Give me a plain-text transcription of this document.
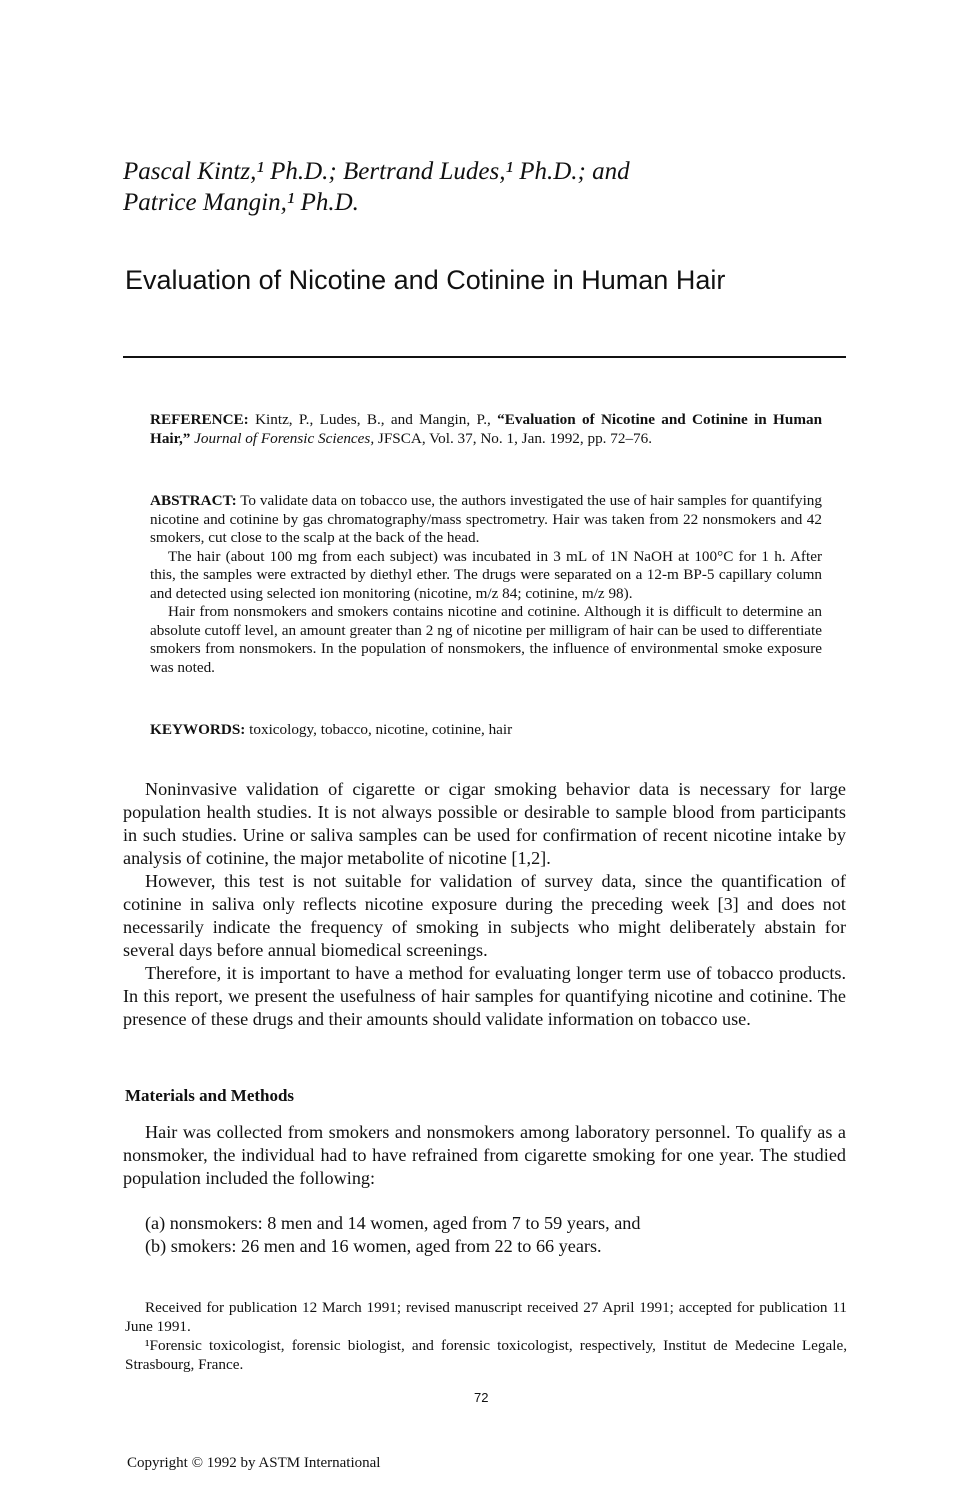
Pascal Kintz,¹ Ph.D.; Bertrand Ludes,¹ Ph.D.; and
Patrice Mangin,¹ Ph.D.
Evaluation of Nicotine and Cotinine in Human Hair

REFERENCE: Kintz, P., Ludes, B., and Mangin, P., “Evaluation of Nicotine and Cotinine in Human Hair,” Journal of Forensic Sciences, JFSCA, Vol. 37, No. 1, Jan. 1992, pp. 72–76.

ABSTRACT: To validate data on tobacco use, the authors investigated the use of hair samples for quantifying nicotine and cotinine by gas chromatography/mass spectrometry. Hair was taken from 22 nonsmokers and 42 smokers, cut close to the scalp at the back of the head.

The hair (about 100 mg from each subject) was incubated in 3 mL of 1N NaOH at 100°C for 1 h. After this, the samples were extracted by diethyl ether. The drugs were separated on a 12-m BP-5 capillary column and detected using selected ion monitoring (nicotine, m/z 84; cotinine, m/z 98).

Hair from nonsmokers and smokers contains nicotine and cotinine. Although it is difficult to determine an absolute cutoff level, an amount greater than 2 ng of nicotine per milligram of hair can be used to differentiate smokers from nonsmokers. In the population of nonsmokers, the influence of environmental smoke exposure was noted.

KEYWORDS: toxicology, tobacco, nicotine, cotinine, hair

Noninvasive validation of cigarette or cigar smoking behavior data is necessary for large population health studies. It is not always possible or desirable to sample blood from participants in such studies. Urine or saliva samples can be used for confirmation of recent nicotine intake by analysis of cotinine, the major metabolite of nicotine [1,2].

However, this test is not suitable for validation of survey data, since the quantification of cotinine in saliva only reflects nicotine exposure during the preceding week [3] and does not necessarily indicate the frequency of smoking in subjects who might deliberately abstain for several days before annual biomedical screenings.

Therefore, it is important to have a method for evaluating longer term use of tobacco products. In this report, we present the usefulness of hair samples for quantifying nicotine and cotinine. The presence of these drugs and their amounts should validate information on tobacco use.

Materials and Methods

Hair was collected from smokers and nonsmokers among laboratory personnel. To qualify as a nonsmoker, the individual had to have refrained from cigarette smoking for one year. The studied population included the following:

(a) nonsmokers: 8 men and 14 women, aged from 7 to 59 years, and
(b) smokers: 26 men and 16 women, aged from 22 to 66 years.

Received for publication 12 March 1991; revised manuscript received 27 April 1991; accepted for publication 11 June 1991.

¹Forensic toxicologist, forensic biologist, and forensic toxicologist, respectively, Institut de Medecine Legale, Strasbourg, France.

72
Copyright © 1992 by ASTM International
